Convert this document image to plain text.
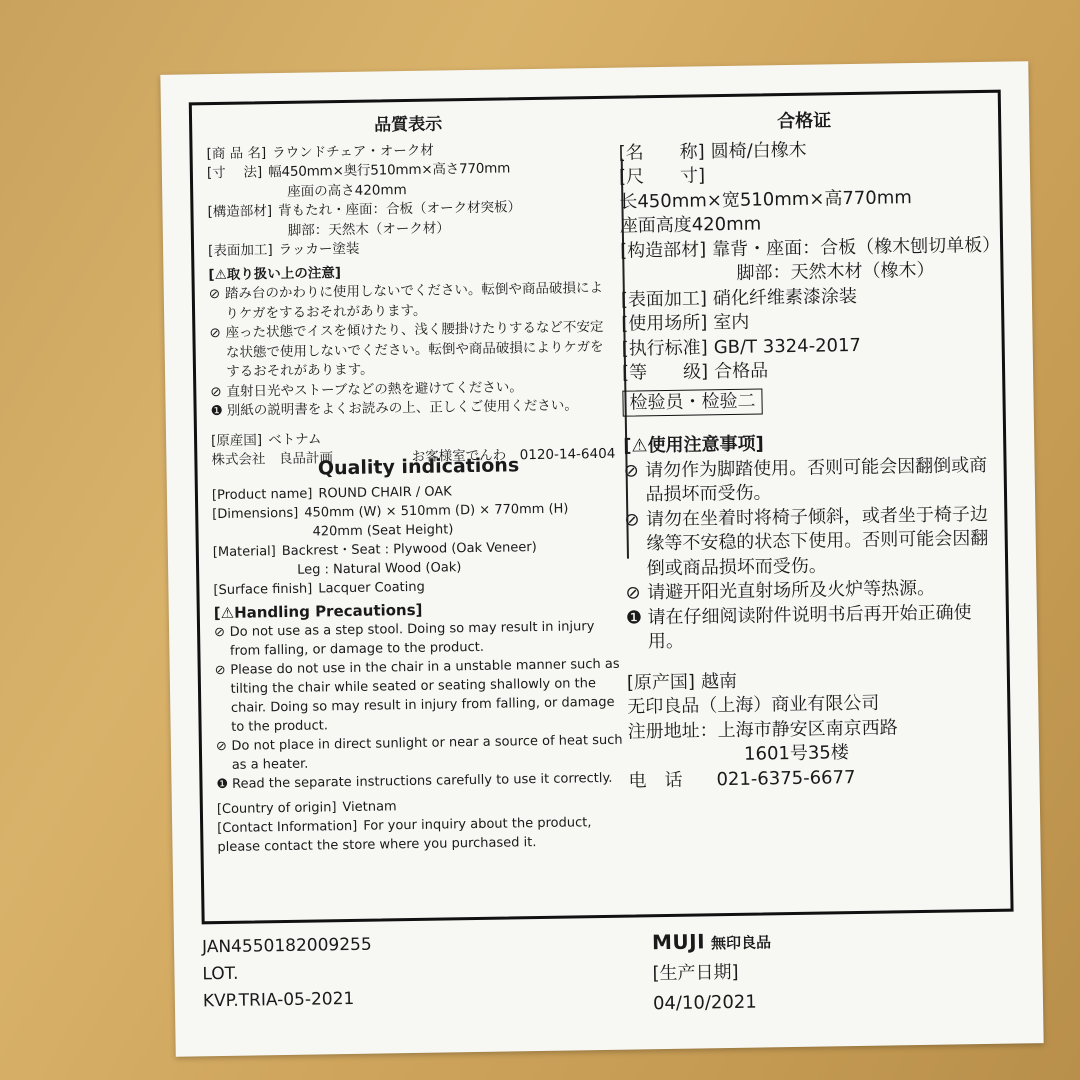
品質表示
[商 品 名] ラウンドチェア・オーク材
[寸　 法] 幅450mm×奥行510mm×高さ770mm
座面の高さ420mm
[構造部材] 背もたれ・座面：合板（オーク材突板）
脚部：天然木（オーク材）
[表面加工] ラッカー塗装
[⚠取り扱い上の注意]
⊘ 踏み台のかわりに使用しないでください。転倒や商品破損によりケガをするおそれがあります。
⊘ 座った状態でイスを傾けたり、浅く腰掛けたりするなど不安定な状態で使用しないでください。転倒や商品破損によりケガをするおそれがあります。
⊘ 直射日光やストーブなどの熱を避けてください。
❶ 別紙の説明書をよくお読みの上、正しくご使用ください。
[原産国] ベトナム
株式会社　良品計画	お客様室でんわ　0120-14-6404
Quality indications
[Product name] ROUND CHAIR / OAK
[Dimensions] 450mm (W) × 510mm (D) × 770mm (H)
420mm (Seat Height)
[Material] Backrest・Seat : Plywood (Oak Veneer)
Leg : Natural Wood (Oak)
[Surface finish] Lacquer Coating
[⚠Handling Precautions]
⊘ Do not use as a step stool. Doing so may result in injury from falling, or damage to the product.
⊘ Please do not use in the chair in a unstable manner such as tilting the chair while seated or seating shallowly on the chair. Doing so may result in injury from falling, or damage to the product.
⊘ Do not place in direct sunlight or near a source of heat such as a heater.
❶ Read the separate instructions carefully to use it correctly.
[Country of origin] Vietnam
[Contact Information] For your inquiry about the product, please contact the store where you purchased it.
合格证
[名　　称] 圆椅/白橡木
[尺　　寸]
长450mm×宽510mm×高770mm
座面高度420mm
[构造部材] 靠背・座面：合板（橡木刨切单板）
脚部：天然木材（橡木）
[表面加工] 硝化纤维素漆涂装
[使用场所] 室内
[执行标准] GB/T 3324-2017
[等　　级] 合格品
检验员・检验二
[⚠使用注意事项]
⊘ 请勿作为脚踏使用。否则可能会因翻倒或商品损坏而受伤。
⊘ 请勿在坐着时将椅子倾斜，或者坐于椅子边缘等不安稳的状态下使用。否则可能会因翻倒或商品损坏而受伤。
⊘ 请避开阳光直射场所及火炉等热源。
❶ 请在仔细阅读附件说明书后再开始正确使用。
[原产国] 越南
无印良品（上海）商业有限公司
注册地址： 上海市静安区南京西路
1601号35楼
电　话	021-6375-6677
JAN4550182009255
LOT.
KVP.TRIA-05-2021
MUJI 無印良品
[生产日期]
04/10/2021
